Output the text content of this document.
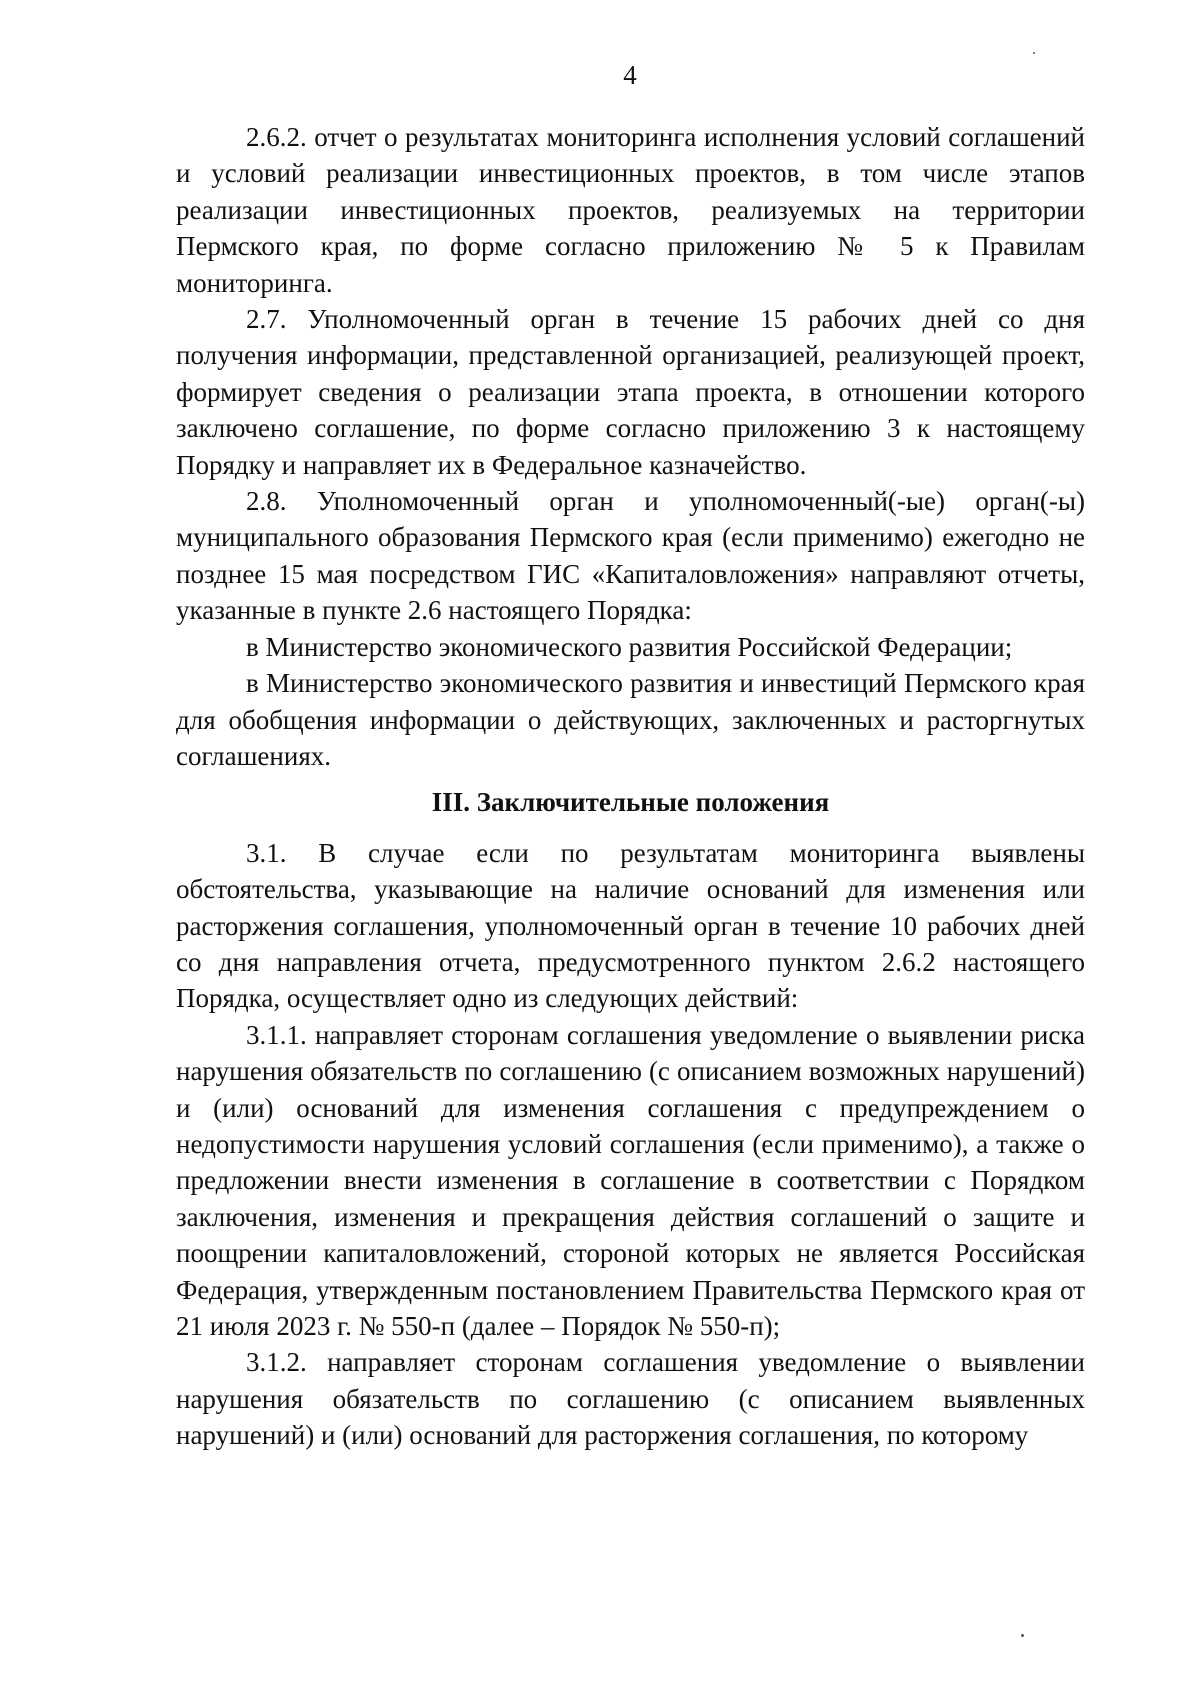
4

2.6.2. отчет о результатах мониторинга исполнения условий соглашений и условий реализации инвестиционных проектов, в том числе этапов реализации инвестиционных проектов, реализуемых на территории Пермского края, по форме согласно приложению № 5 к Правилам мониторинга.

2.7. Уполномоченный орган в течение 15 рабочих дней со дня получения информации, представленной организацией, реализующей проект, формирует сведения о реализации этапа проекта, в отношении которого заключено соглашение, по форме согласно приложению 3 к настоящему Порядку и направляет их в Федеральное казначейство.

2.8. Уполномоченный орган и уполномоченный(-ые) орган(-ы) муниципального образования Пермского края (если применимо) ежегодно не позднее 15 мая посредством ГИС «Капиталовложения» направляют отчеты, указанные в пункте 2.6 настоящего Порядка:

в Министерство экономического развития Российской Федерации;

в Министерство экономического развития и инвестиций Пермского края для обобщения информации о действующих, заключенных и расторгнутых соглашениях.

III. Заключительные положения

3.1. В случае если по результатам мониторинга выявлены обстоятельства, указывающие на наличие оснований для изменения или расторжения соглашения, уполномоченный орган в течение 10 рабочих дней со дня направления отчета, предусмотренного пунктом 2.6.2 настоящего Порядка, осуществляет одно из следующих действий:

3.1.1. направляет сторонам соглашения уведомление о выявлении риска нарушения обязательств по соглашению (с описанием возможных нарушений) и (или) оснований для изменения соглашения с предупреждением о недопустимости нарушения условий соглашения (если применимо), а также о предложении внести изменения в соглашение в соответствии с Порядком заключения, изменения и прекращения действия соглашений о защите и поощрении капиталовложений, стороной которых не является Российская Федерация, утвержденным постановлением Правительства Пермского края от 21 июля 2023 г. № 550-п (далее – Порядок № 550-п);

3.1.2. направляет сторонам соглашения уведомление о выявлении нарушения обязательств по соглашению (с описанием выявленных нарушений) и (или) оснований для расторжения соглашения, по которому
